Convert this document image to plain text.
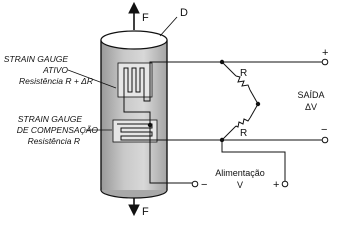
F
F
D
R
R
+
−
SAÍDA
ΔV
−	+
Alimentação
V
STRAIN GAUGE
ATIVO
Resistência R + ΔR
STRAIN GAUGE
DE COMPENSAÇÃO
Resistência R
